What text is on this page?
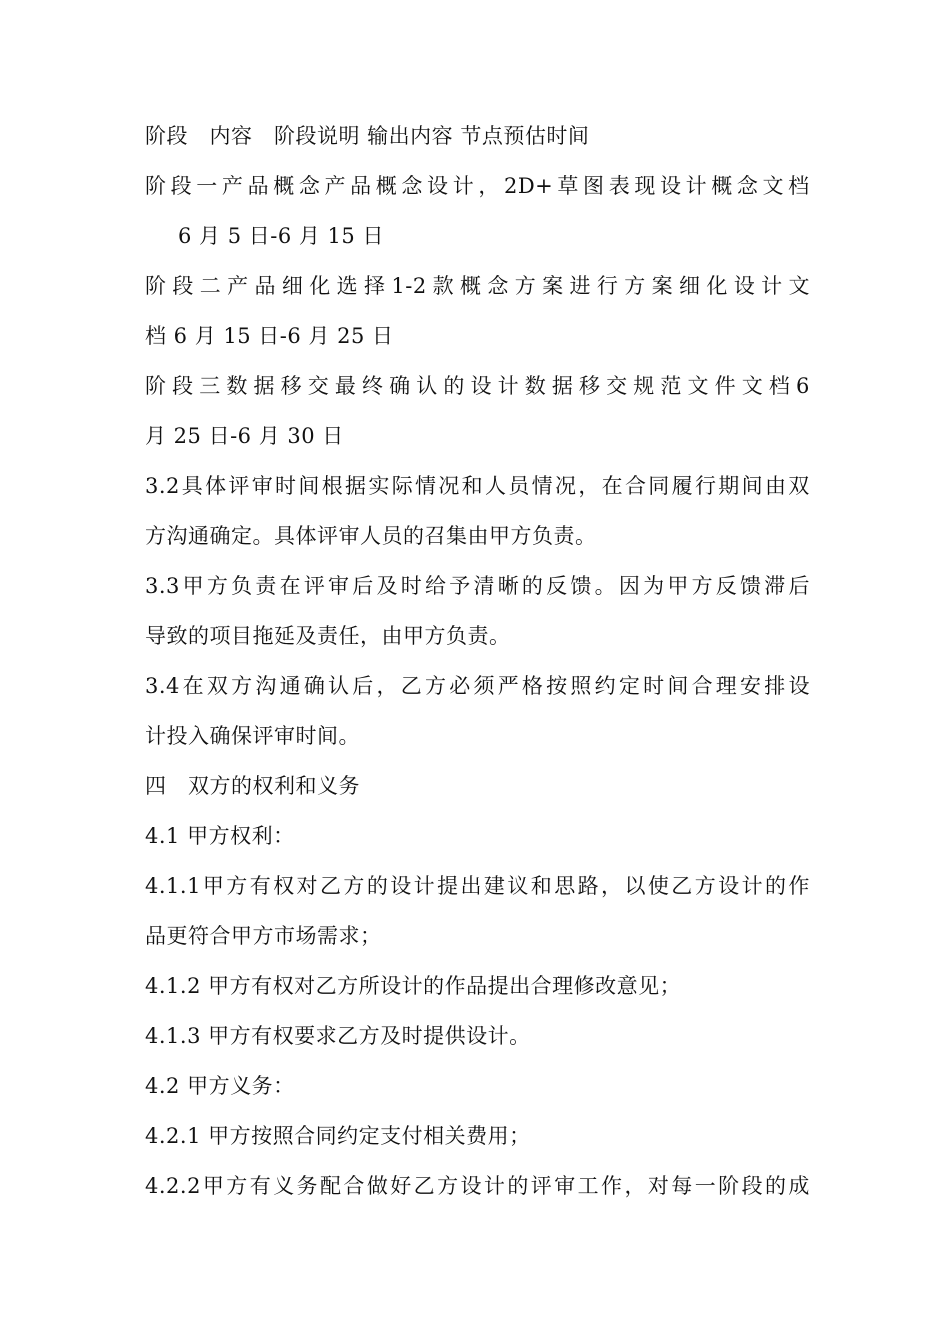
阶段　内容　阶段说明 输出内容 节点预估时间
阶 段 一 产 品 概 念 产 品 概 念 设 计 ， 2D+ 草 图 表 现 设 计 概 念 文 档
6 月 5 日-6 月 15 日
阶 段 二 产 品 细 化 选 择 1-2 款 概 念 方 案 进 行 方 案 细 化 设 计 文
档 6 月 15 日-6 月 25 日
阶 段 三 数 据 移 交 最 终 确 认 的 设 计 数 据 移 交 规 范 文 件 文 档 6
月 25 日-6 月 30 日
3.2 具 体 评 审 时 间 根 据 实 际 情 况 和 人 员 情 况 ， 在 合 同 履 行 期 间 由 双
方沟通确定。具体评审人员的召集由甲方负责。
3.3 甲 方 负 责 在 评 审 后 及 时 给 予 清 晰 的 反 馈 。 因 为 甲 方 反 馈 滞 后
导致的项目拖延及责任，由甲方负责。
3.4 在 双 方 沟 通 确 认 后 ， 乙 方 必 须 严 格 按 照 约 定 时 间 合 理 安 排 设
计投入确保评审时间。
四　双方的权利和义务
4.1 甲方权利：
4.1.1 甲 方 有 权 对 乙 方 的 设 计 提 出 建 议 和 思 路 ， 以 使 乙 方 设 计 的 作
品更符合甲方市场需求；
4.1.2 甲方有权对乙方所设计的作品提出合理修改意见；
4.1.3 甲方有权要求乙方及时提供设计。
4.2 甲方义务：
4.2.1 甲方按照合同约定支付相关费用；
4.2.2 甲 方 有 义 务 配 合 做 好 乙 方 设 计 的 评 审 工 作 ， 对 每 一 阶 段 的 成
